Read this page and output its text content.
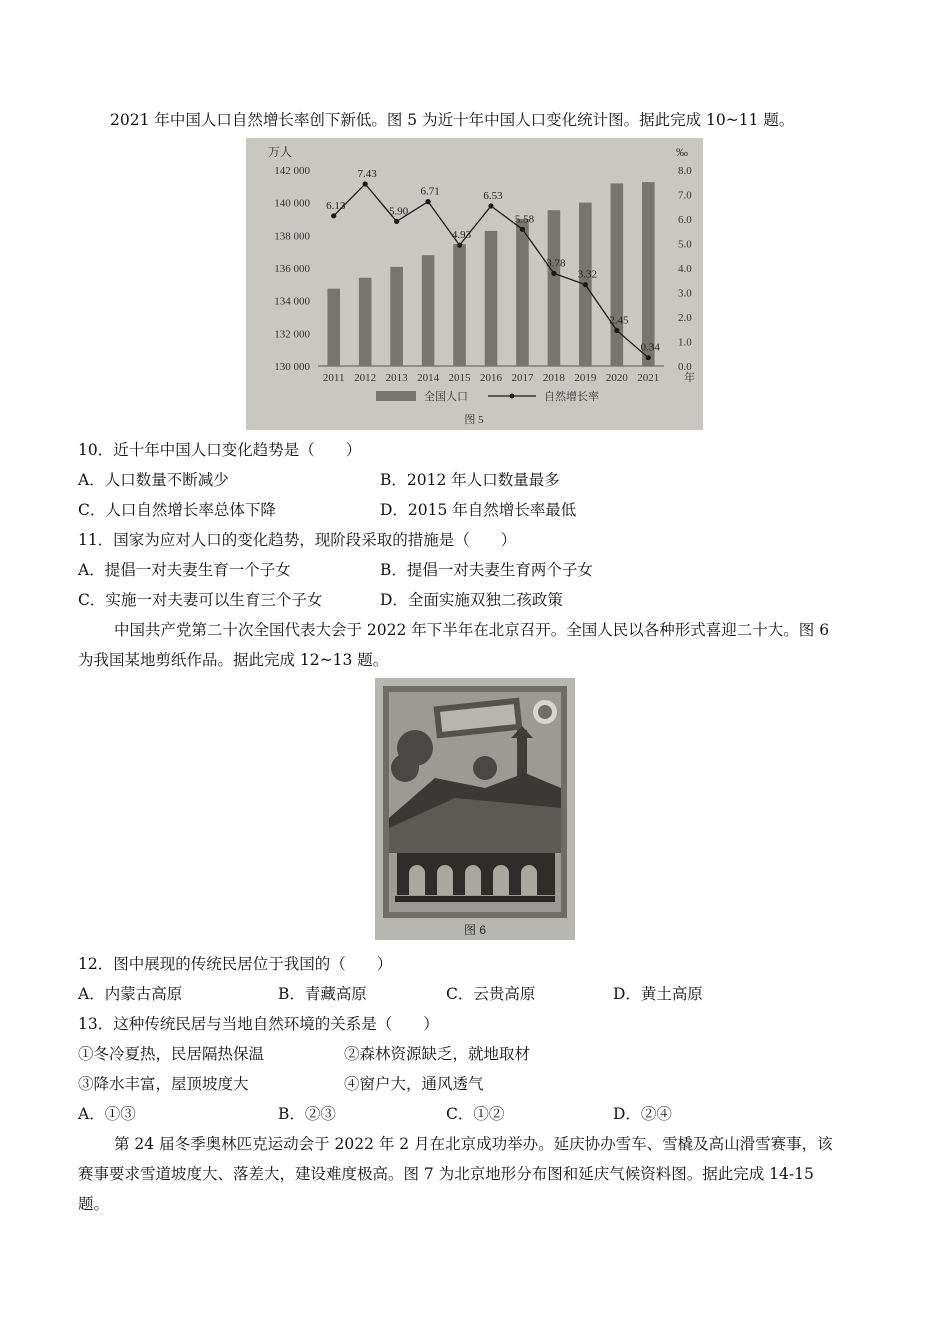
2021 年中国人口自然增长率创下新低。图 5 为近十年中国人口变化统计图。据此完成 10~11 题。
130 000
132 000
134 000
136 000
138 000
140 000
142 000
0.0
1.0
2.0
3.0
4.0
5.0
6.0
7.0
8.0
万人	‰
6.13
7.43
5.90
6.71
4.93
6.53
5.58
3.78
3.32
2.45
0.34
2011 2012 2013 2014 2015 2016 2017 2018 2019 2020 2021 年
全国人口	自然增长率
图 5
10．近十年中国人口变化趋势是（　　）
A．人口数量不断减少	B．2012 年人口数量最多
C．人口自然增长率总体下降	D．2015 年自然增长率最低
11．国家为应对人口的变化趋势，现阶段采取的措施是（　　）
A．提倡一对夫妻生育一个子女	B．提倡一对夫妻生育两个子女
C．实施一对夫妻可以生育三个子女	D．全面实施双独二孩政策
中国共产党第二十次全国代表大会于 2022 年下半年在北京召开。全国人民以各种形式喜迎二十大。图 6
为我国某地剪纸作品。据此完成 12~13 题。
图 6
12．图中展现的传统民居位于我国的（　　）
A．内蒙古高原	B．青藏高原	C．云贵高原	D．黄土高原
13．这种传统民居与当地自然环境的关系是（　　）
①冬冷夏热，民居隔热保温	②森林资源缺乏，就地取材
③降水丰富，屋顶坡度大	④窗户大，通风透气
A．①③	B．②③	C．①②	D．②④
第 24 届冬季奥林匹克运动会于 2022 年 2 月在北京成功举办。延庆协办雪车、雪橇及高山滑雪赛事，该
赛事要求雪道坡度大、落差大，建设难度极高。图 7 为北京地形分布图和延庆气候资料图。据此完成 14-15
题。
